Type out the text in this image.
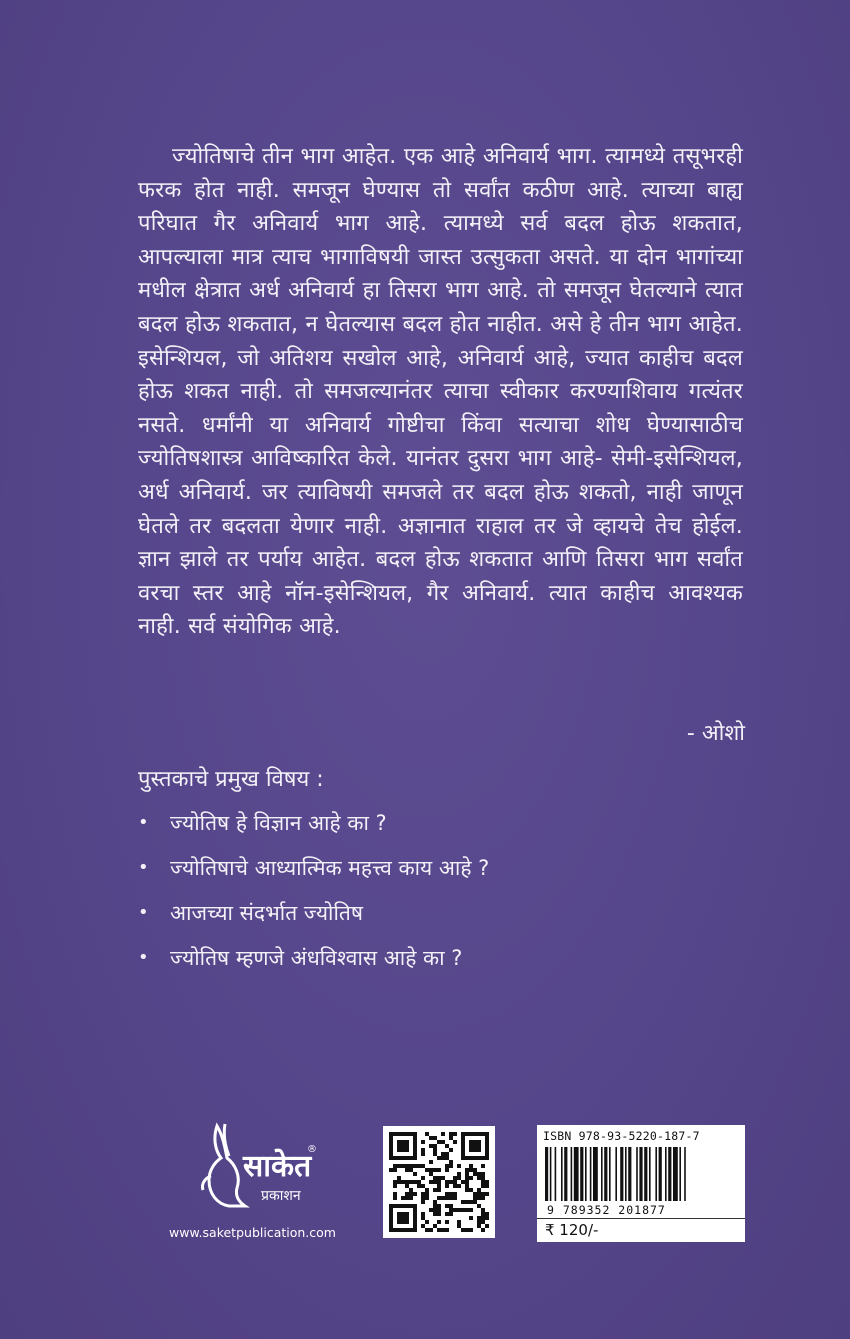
ज्योतिषाचे तीन भाग आहेत. एक आहे अनिवार्य भाग. त्यामध्ये तसूभरही फरक होत नाही. समजून घेण्यास तो सर्वांत कठीण आहे. त्याच्या बाह्य परिघात गैर अनिवार्य भाग आहे. त्यामध्ये सर्व बदल होऊ शकतात, आपल्याला मात्र त्याच भागाविषयी जास्त उत्सुकता असते. या दोन भागांच्या मधील क्षेत्रात अर्ध अनिवार्य हा तिसरा भाग आहे. तो समजून घेतल्याने त्यात बदल होऊ शकतात, न घेतल्यास बदल होत नाहीत. असे हे तीन भाग आहेत. इसेन्शियल, जो अतिशय सखोल आहे, अनिवार्य आहे, ज्यात काहीच बदल होऊ शकत नाही. तो समजल्यानंतर त्याचा स्वीकार करण्याशिवाय गत्यंतर नसते. धर्मांनी या अनिवार्य गोष्टीचा किंवा सत्याचा शोध घेण्यासाठीच ज्योतिषशास्त्र आविष्कारित केले. यानंतर दुसरा भाग आहे- सेमी-इसेन्शियल, अर्ध अनिवार्य. जर त्याविषयी समजले तर बदल होऊ शकतो, नाही जाणून घेतले तर बदलता येणार नाही. अज्ञानात राहाल तर जे व्हायचे तेच होईल. ज्ञान झाले तर पर्याय आहेत. बदल होऊ शकतात आणि तिसरा भाग सर्वांत वरचा स्तर आहे नॉन-इसेन्शियल, गैर अनिवार्य. त्यात काहीच आवश्यक नाही. सर्व संयोगिक आहे.

- ओशो
पुस्तकाचे प्रमुख विषय :
•	ज्योतिष हे विज्ञान आहे का ?
•	ज्योतिषाचे आध्यात्मिक महत्त्व काय आहे ?
•	आजच्या संदर्भात ज्योतिष
•	ज्योतिष म्हणजे अंधविश्वास आहे का ?
साकेत
प्रकाशन
®
www.saketpublication.com
ISBN 978-93-5220-187-7
9 789352 201877
₹ 120/-
